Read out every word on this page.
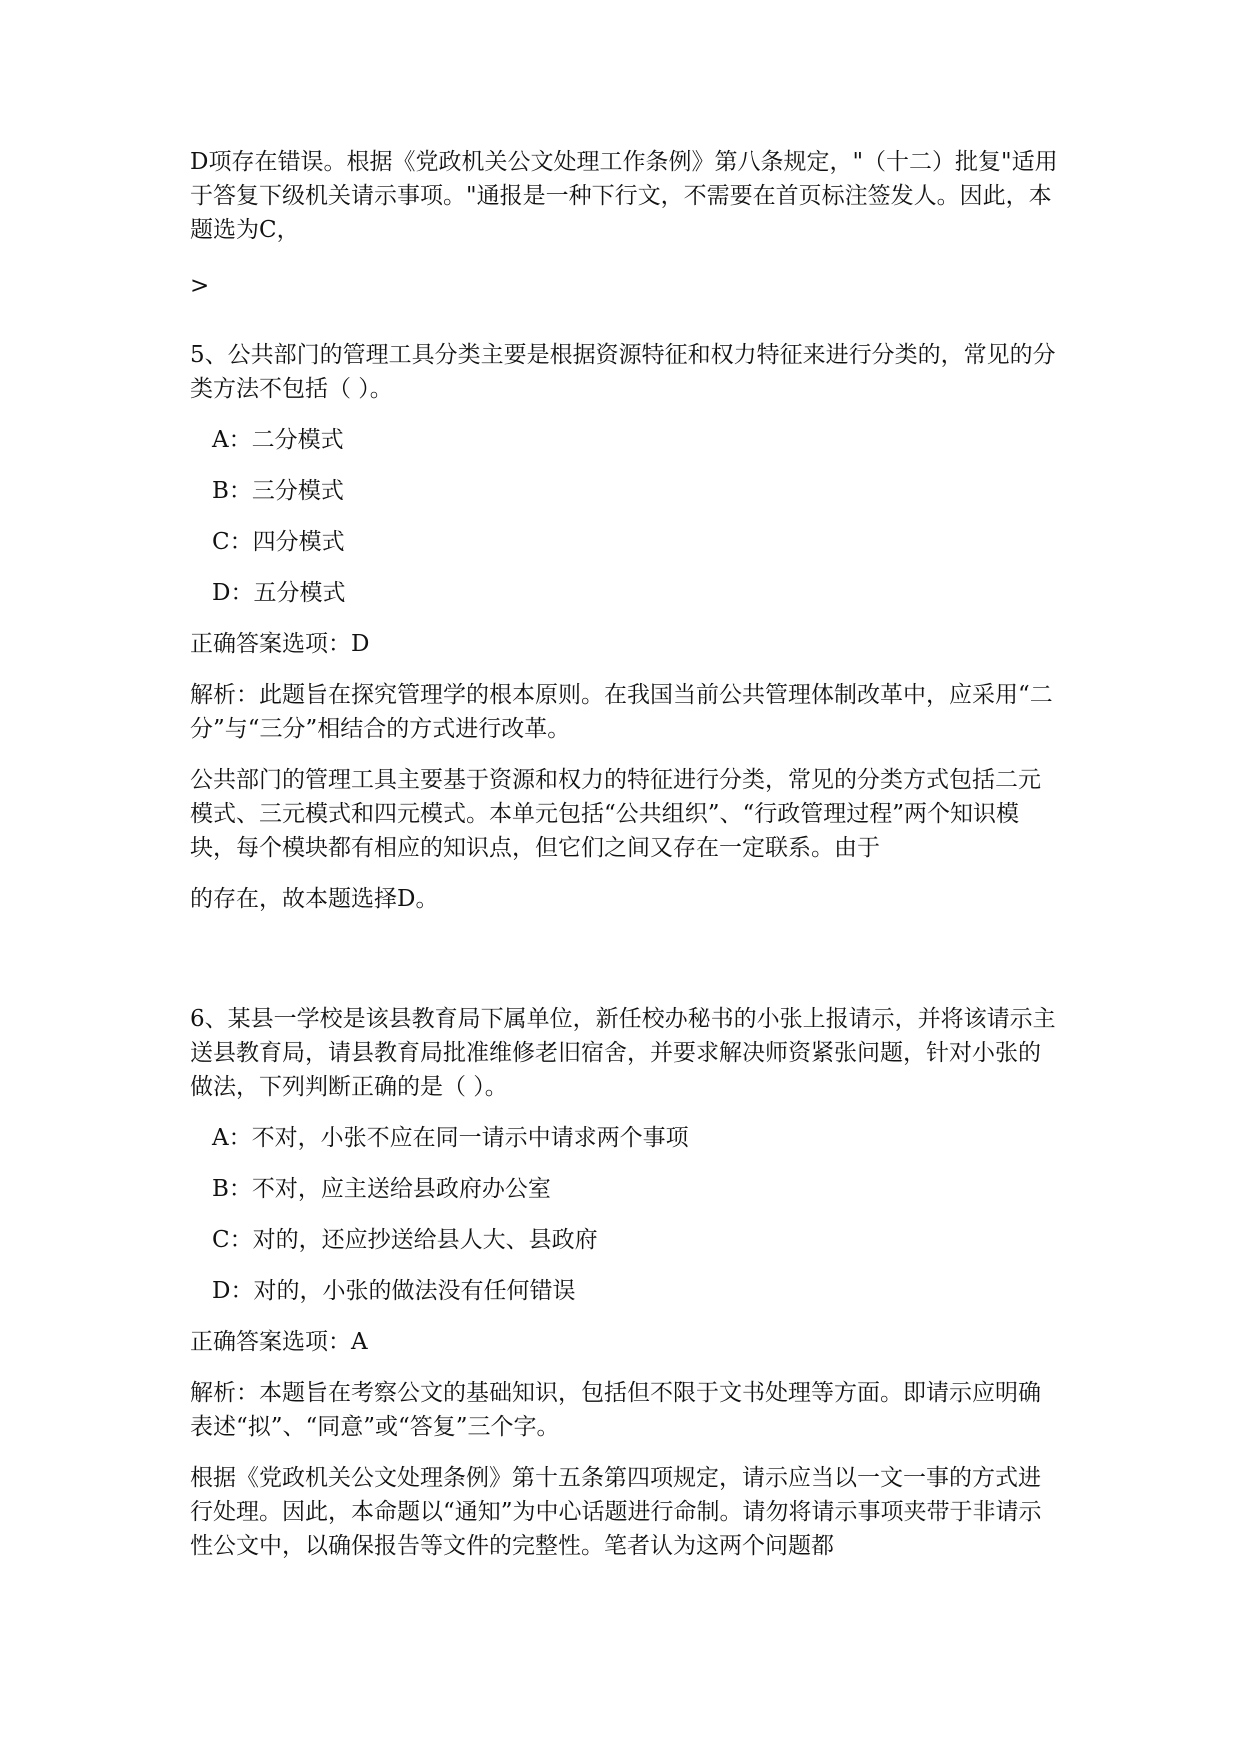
D项存在错误。根据《党政机关公文处理工作条例》第八条规定，"（十二）批复"适用于答复下级机关请示事项。"通报是一种下行文，不需要在首页标注签发人。因此，本题选为C，

>

5、公共部门的管理工具分类主要是根据资源特征和权力特征来进行分类的，常见的分类方法不包括（ ）。

A：二分模式

B：三分模式

C：四分模式

D：五分模式

正确答案选项：D

解析：此题旨在探究管理学的根本原则。在我国当前公共管理体制改革中，应采用“二分”与“三分”相结合的方式进行改革。

公共部门的管理工具主要基于资源和权力的特征进行分类，常见的分类方式包括二元模式、三元模式和四元模式。本单元包括“公共组织”、“行政管理过程”两个知识模块，每个模块都有相应的知识点，但它们之间又存在一定联系。由于

的存在，故本题选择D。

6、某县一学校是该县教育局下属单位，新任校办秘书的小张上报请示，并将该请示主送县教育局，请县教育局批准维修老旧宿舍，并要求解决师资紧张问题，针对小张的做法，下列判断正确的是（ ）。

A：不对，小张不应在同一请示中请求两个事项

B：不对，应主送给县政府办公室

C：对的，还应抄送给县人大、县政府

D：对的，小张的做法没有任何错误

正确答案选项：A

解析：本题旨在考察公文的基础知识，包括但不限于文书处理等方面。即请示应明确表述“拟”、“同意”或“答复”三个字。

根据《党政机关公文处理条例》第十五条第四项规定，请示应当以一文一事的方式进行处理。因此，本命题以“通知”为中心话题进行命制。请勿将请示事项夹带于非请示性公文中，以确保报告等文件的完整性。笔者认为这两个问题都
